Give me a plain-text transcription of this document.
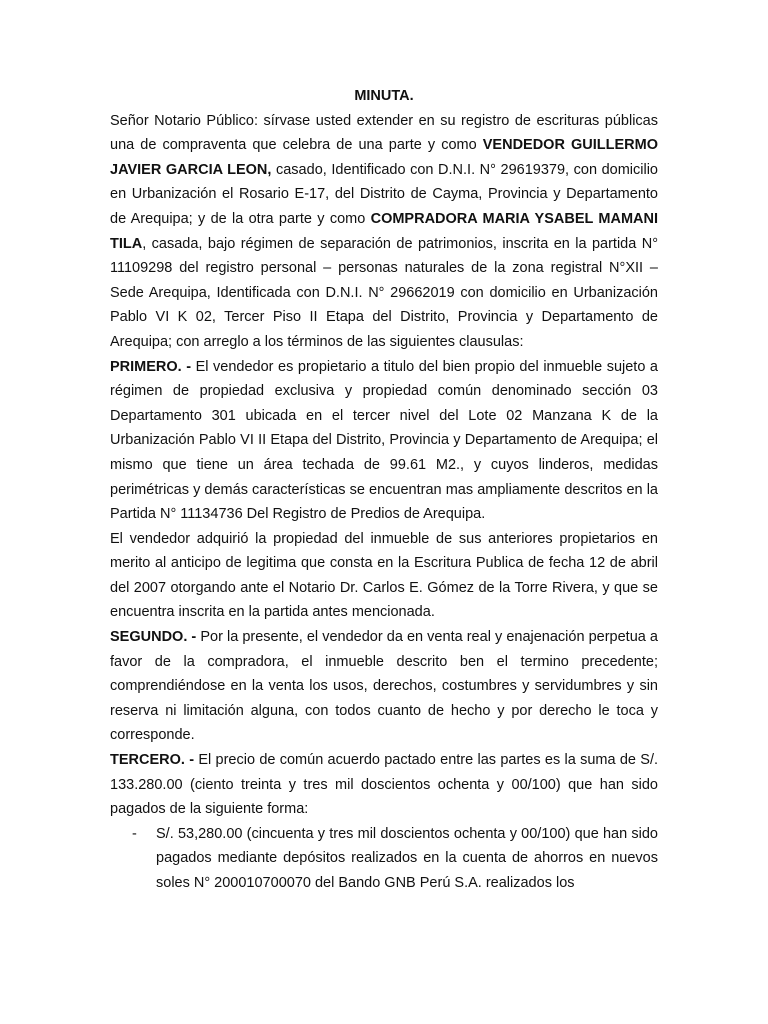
MINUTA.

Señor Notario Público: sírvase usted extender en su registro de escrituras públicas una de compraventa que celebra de una parte y como VENDEDOR GUILLERMO JAVIER GARCIA LEON, casado, Identificado con D.N.I. N° 29619379, con domicilio en Urbanización el Rosario E-17, del Distrito de Cayma, Provincia y Departamento de Arequipa; y de la otra parte y como COMPRADORA MARIA YSABEL MAMANI TILA, casada, bajo régimen de separación de patrimonios, inscrita en la partida N° 11109298 del registro personal – personas naturales de la zona registral N°XII – Sede Arequipa, Identificada con D.N.I. N° 29662019 con domicilio en Urbanización Pablo VI K 02, Tercer Piso II Etapa del Distrito, Provincia y Departamento de Arequipa; con arreglo a los términos de las siguientes clausulas:

PRIMERO. - El vendedor es propietario a titulo del bien propio del inmueble sujeto a régimen de propiedad exclusiva y propiedad común denominado sección 03 Departamento 301 ubicada en el tercer nivel del Lote 02 Manzana K de la Urbanización Pablo VI II Etapa del Distrito, Provincia y Departamento de Arequipa; el mismo que tiene un área techada de 99.61 M2., y cuyos linderos, medidas perimétricas y demás características se encuentran mas ampliamente descritos en la Partida N° 11134736 Del Registro de Predios de Arequipa.

El vendedor adquirió la propiedad del inmueble de sus anteriores propietarios en merito al anticipo de legitima que consta en la Escritura Publica de fecha 12 de abril del 2007 otorgando ante el Notario Dr. Carlos E. Gómez de la Torre Rivera, y que se encuentra inscrita en la partida antes mencionada.

SEGUNDO. - Por la presente, el vendedor da en venta real y enajenación perpetua a favor de la compradora, el inmueble descrito ben el termino precedente; comprendiéndose en la venta los usos, derechos, costumbres y servidumbres y sin reserva ni limitación alguna, con todos cuanto de hecho y por derecho le toca y corresponde.

TERCERO. - El precio de común acuerdo pactado entre las partes es la suma de S/. 133.280.00 (ciento treinta y tres mil doscientos ochenta y 00/100) que han sido pagados de la siguiente forma:

- S/. 53,280.00 (cincuenta y tres mil doscientos ochenta y 00/100) que han sido pagados mediante depósitos realizados en la cuenta de ahorros en nuevos soles N° 200010700070 del Bando GNB Perú S.A. realizados los
